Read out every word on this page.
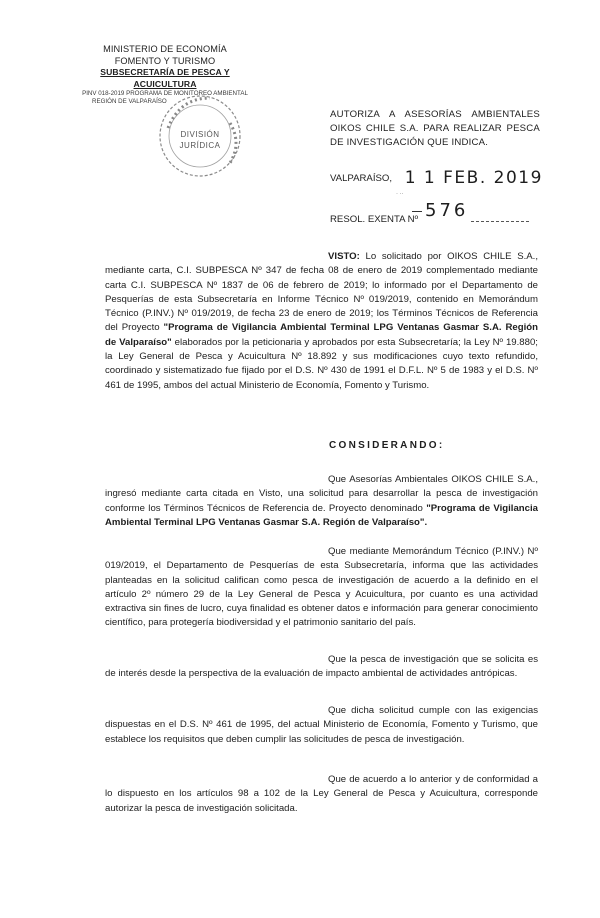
MINISTERIO DE ECONOMÍA
FOMENTO Y TURISMO
SUBSECRETARÍA DE PESCA Y ACUICULTURA
PINV 018-2019 PROGRAMA DE MONITOREO AMBIENTAL
REGIÓN DE VALPARAÍSO
DIVISIÓN
JURÍDICA
AUTORIZA A ASESORÍAS AMBIENTALES OIKOS CHILE S.A. PARA REALIZAR PESCA DE INVESTIGACIÓN QUE INDICA.
VALPARAÍSO, 1 1 FEB. 2019
· ··
RESOL. EXENTA Nº 576

VISTO: Lo solicitado por OIKOS CHILE S.A., mediante carta, C.I. SUBPESCA Nº 347 de fecha 08 de enero de 2019 complementado mediante carta C.I. SUBPESCA Nº 1837 de 06 de febrero de 2019; lo informado por el Departamento de Pesquerías de esta Subsecretaría en Informe Técnico Nº 019/2019, contenido en Memorándum Técnico (P.INV.) Nº 019/2019, de fecha 23 de enero de 2019; los Términos Técnicos de Referencia del Proyecto "Programa de Vigilancia Ambiental Terminal LPG Ventanas Gasmar S.A. Región de Valparaíso" elaborados por la peticionaria y aprobados por esta Subsecretaría; la Ley Nº 19.880; la Ley General de Pesca y Acuicultura Nº 18.892 y sus modificaciones cuyo texto refundido, coordinado y sistematizado fue fijado por el D.S. Nº 430 de 1991 el D.F.L. Nº 5 de 1983 y el D.S. Nº 461 de 1995, ambos del actual Ministerio de Economía, Fomento y Turismo.

CONSIDERANDO:

Que Asesorías Ambientales OIKOS CHILE S.A., ingresó mediante carta citada en Visto, una solicitud para desarrollar la pesca de investigación conforme los Términos Técnicos de Referencia de. Proyecto denominado "Programa de Vigilancia Ambiental Terminal LPG Ventanas Gasmar S.A. Región de Valparaíso".

Que mediante Memorándum Técnico (P.INV.) Nº 019/2019, el Departamento de Pesquerías de esta Subsecretaría, informa que las actividades planteadas en la solicitud califican como pesca de investigación de acuerdo a la definido en el artículo 2º número 29 de la Ley General de Pesca y Acuicultura, por cuanto es una actividad extractiva sin fines de lucro, cuya finalidad es obtener datos e información para generar conocimiento científico, para protegería biodiversidad y el patrimonio sanitario del país.

Que la pesca de investigación que se solicita es de interés desde la perspectiva de la evaluación de impacto ambiental de actividades antrópicas.

Que dicha solicitud cumple con las exigencias dispuestas en el D.S. Nº 461 de 1995, del actual Ministerio de Economía, Fomento y Turismo, que establece los requisitos que deben cumplir las solicitudes de pesca de investigación.

Que de acuerdo a lo anterior y de conformidad a lo dispuesto en los artículos 98 a 102 de la Ley General de Pesca y Acuicultura, corresponde autorizar la pesca de investigación solicitada.
